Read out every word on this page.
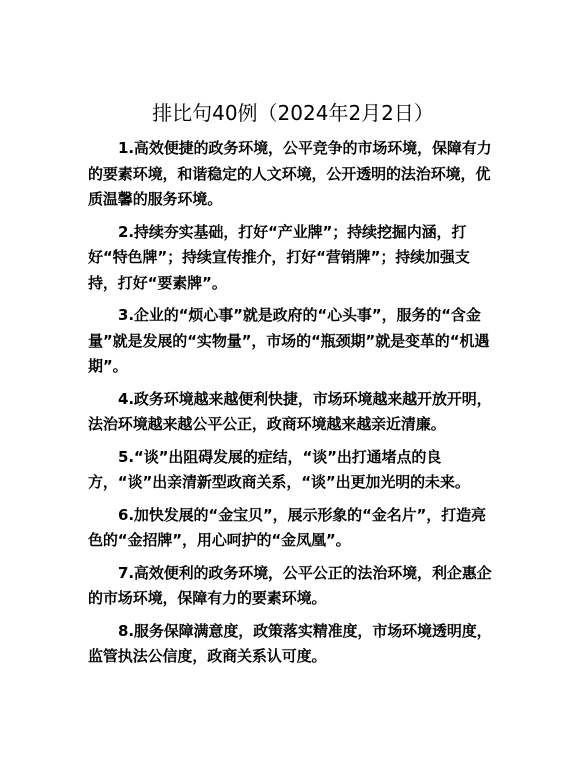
排比句40例（2024年2月2日）

1.高效便捷的政务环境，公平竞争的市场环境，保障有力的要素环境，和谐稳定的人文环境，公开透明的法治环境，优质温馨的服务环境。

2.持续夯实基础，打好“产业牌”；持续挖掘内涵，打好“特色牌”；持续宣传推介，打好“营销牌”；持续加强支持，打好“要素牌”。

3.企业的“烦心事”就是政府的“心头事”，服务的“含金量”就是发展的“实物量”，市场的“瓶颈期”就是变革的“机遇期”。

4.政务环境越来越便利快捷，市场环境越来越开放开明，法治环境越来越公平公正，政商环境越来越亲近清廉。

5.“谈”出阻碍发展的症结，“谈”出打通堵点的良方，“谈”出亲清新型政商关系，“谈”出更加光明的未来。

6.加快发展的“金宝贝”，展示形象的“金名片”，打造亮色的“金招牌”，用心呵护的“金凤凰”。

7.高效便利的政务环境，公平公正的法治环境，利企惠企的市场环境，保障有力的要素环境。

8.服务保障满意度，政策落实精准度，市场环境透明度，监管执法公信度，政商关系认可度。
